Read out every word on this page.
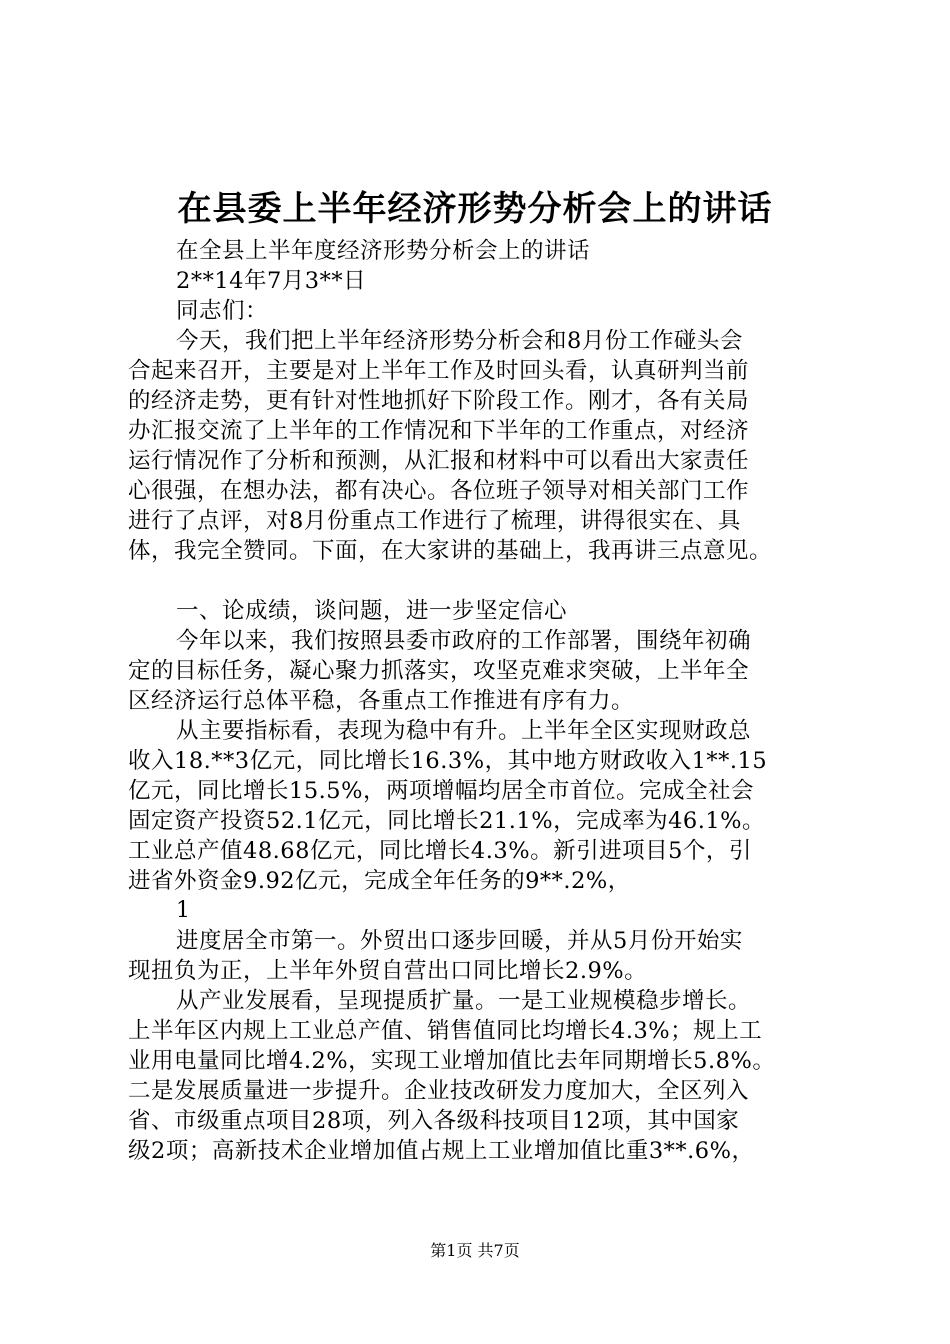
在县委上半年经济形势分析会上的讲话
在全县上半年度经济形势分析会上的讲话
2**14年7月3**日
同志们：
今天，我们把上半年经济形势分析会和8月份工作碰头会
合起来召开，主要是对上半年工作及时回头看，认真研判当前
的经济走势，更有针对性地抓好下阶段工作。刚才，各有关局
办汇报交流了上半年的工作情况和下半年的工作重点，对经济
运行情况作了分析和预测，从汇报和材料中可以看出大家责任
心很强，在想办法，都有决心。各位班子领导对相关部门工作
进行了点评，对8月份重点工作进行了梳理，讲得很实在、具
体，我完全赞同。下面，在大家讲的基础上，我再讲三点意见。
一、论成绩，谈问题，进一步坚定信心
今年以来，我们按照县委市政府的工作部署，围绕年初确
定的目标任务，凝心聚力抓落实，攻坚克难求突破，上半年全
区经济运行总体平稳，各重点工作推进有序有力。
从主要指标看，表现为稳中有升。上半年全区实现财政总
收入18.**3亿元，同比增长16.3%，其中地方财政收入1**.15
亿元，同比增长15.5%，两项增幅均居全市首位。完成全社会
固定资产投资52.1亿元，同比增长21.1%，完成率为46.1%。
工业总产值48.68亿元，同比增长4.3%。新引进项目5个，引
进省外资金9.92亿元，完成全年任务的9**.2%，
1
进度居全市第一。外贸出口逐步回暖，并从5月份开始实
现扭负为正，上半年外贸自营出口同比增长2.9%。
从产业发展看，呈现提质扩量。一是工业规模稳步增长。
上半年区内规上工业总产值、销售值同比均增长4.3%；规上工
业用电量同比增4.2%，实现工业增加值比去年同期增长5.8%。
二是发展质量进一步提升。企业技改研发力度加大，全区列入
省、市级重点项目28项，列入各级科技项目12项，其中国家
级2项；高新技术企业增加值占规上工业增加值比重3**.6%，
第1页 共7页
